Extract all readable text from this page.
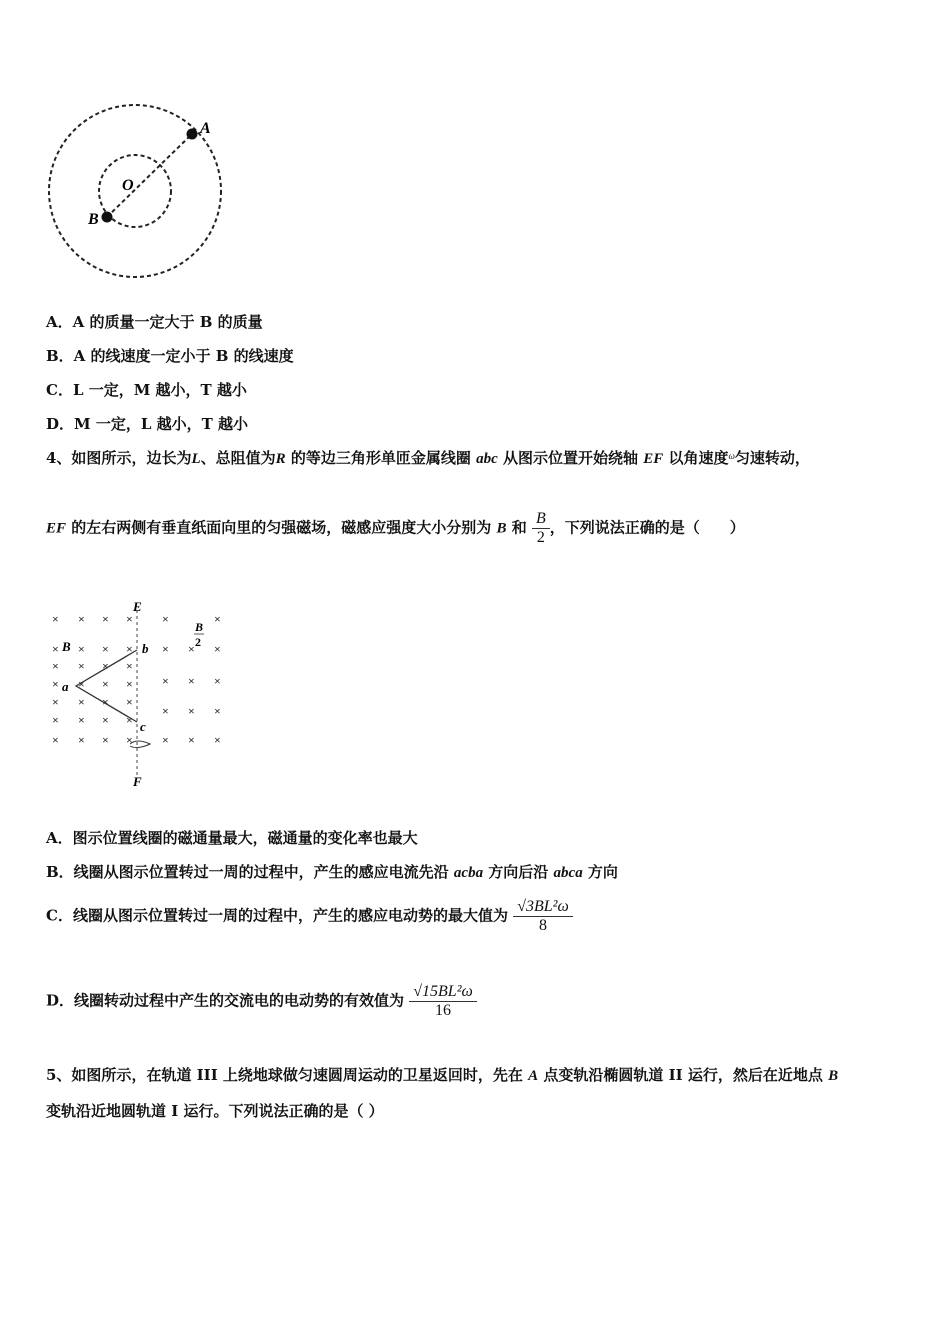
A
O
B
A．A 的质量一定大于 B 的质量
B．A 的线速度一定小于 B 的线速度
C．L 一定，M 越小，T 越小
D．M 一定，L 越小，T 越小
4、如图所示，边长为L、总阻值为R 的等边三角形单匝金属线圈 abc 从图示位置开始绕轴 EF 以角速度$^\omega$匀速转动，
EF 的左右两侧有垂直纸面向里的匀强磁场，磁感应强度大小分别为 B 和 $\frac{B}{2}$ ，下列说法正确的是（　　）
× × × ×
× × × ×
× × × ×
× × × ×
× × × ×
× × × ×
× × × ×
×	×
× × ×
× × ×
× × ×
× × ×
E
F
B
B
2
a
b
c
A．图示位置线圈的磁通量最大，磁通量的变化率也最大
B．线圈从图示位置转过一周的过程中，产生的感应电流先沿 acba 方向后沿 abca 方向
C．线圈从图示位置转过一周的过程中，产生的感应电动势的最大值为 $\frac{\text{√3BL²ω}}{8}$
D．线圈转动过程中产生的交流电的电动势的有效值为 $\frac{\text{√15BL²ω}}{16}$
5、如图所示，在轨道 III 上绕地球做匀速圆周运动的卫星返回时，先在 A 点变轨沿椭圆轨道 II 运行，然后在近地点 B
变轨沿近地圆轨道 I 运行。下列说法正确的是（ ）
